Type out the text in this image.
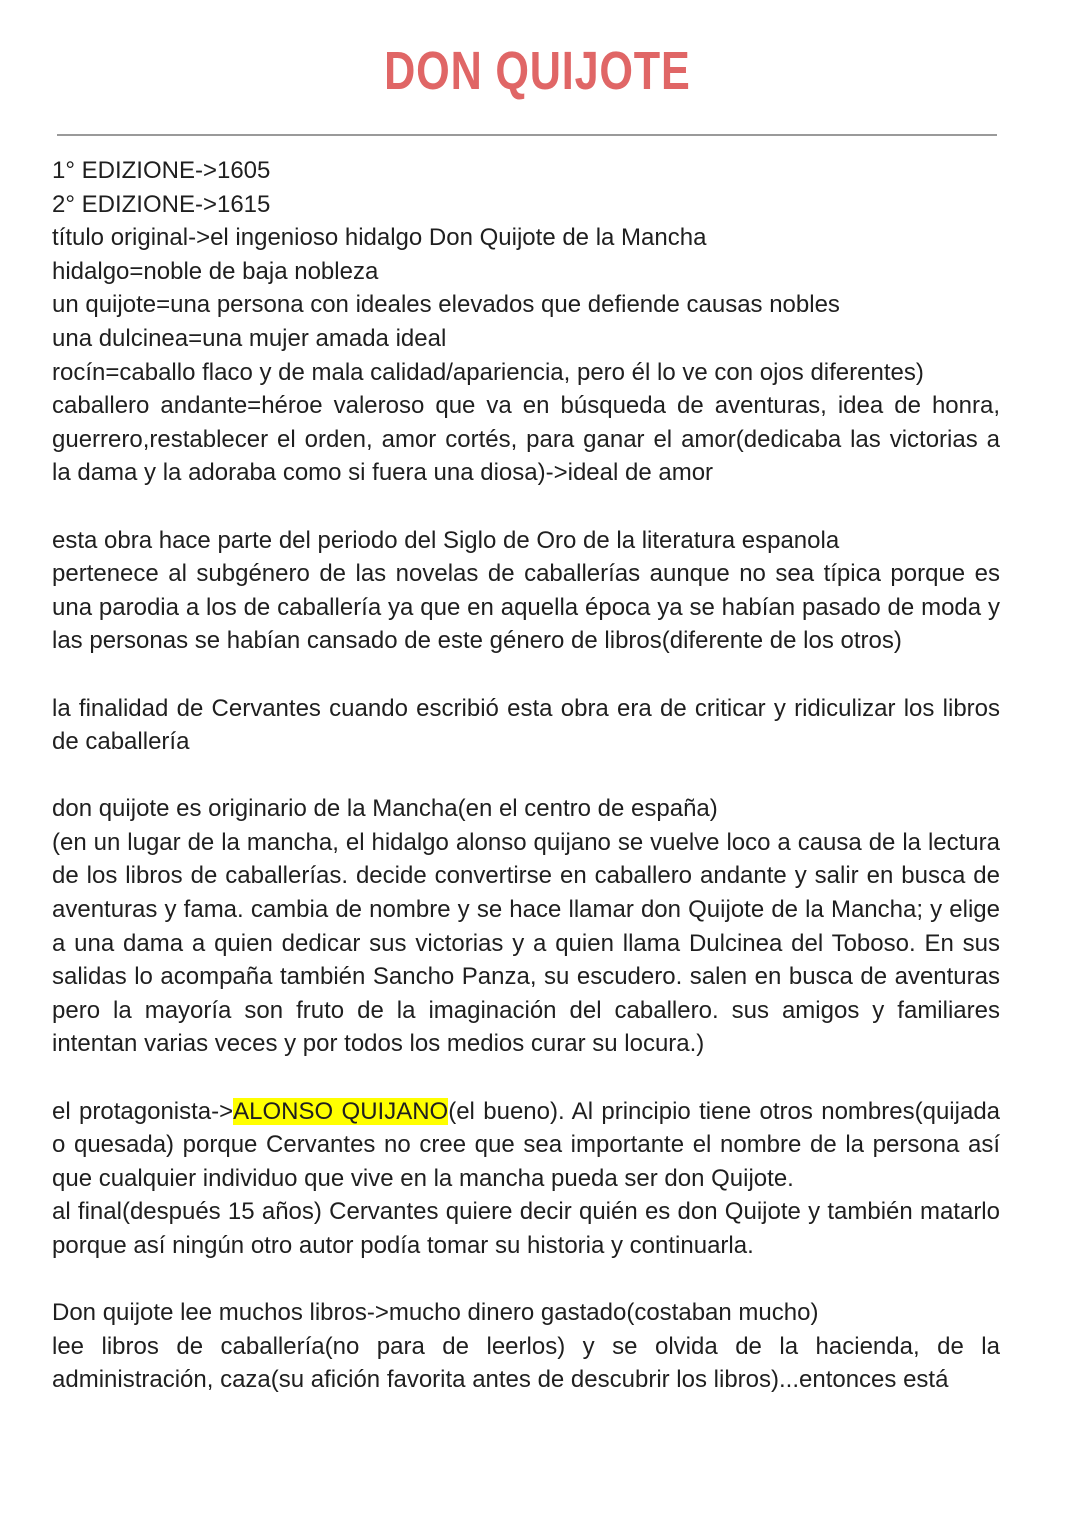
DON QUIJOTE

1° EDIZIONE->1605

2° EDIZIONE->1615

título original->el ingenioso hidalgo Don Quijote de la Mancha

hidalgo=noble de baja nobleza

un quijote=una persona con ideales elevados que defiende causas nobles

una dulcinea=una mujer amada ideal

rocín=caballo flaco y de mala calidad/apariencia, pero él lo ve con ojos diferentes)

caballero andante=héroe valeroso que va en búsqueda de aventuras, idea de honra, guerrero,restablecer el orden, amor cortés, para ganar el amor(dedicaba las victorias a la dama y la adoraba como si fuera una diosa)->ideal de amor

esta obra hace parte del periodo del Siglo de Oro de la literatura espanola

pertenece al subgénero de las novelas de caballerías aunque no sea típica porque es una parodia a los de caballería ya que en aquella época ya se habían pasado de moda y las personas se habían cansado de este género de libros(diferente de los otros)

la finalidad de Cervantes cuando escribió esta obra era de criticar y ridiculizar los libros de caballería

don quijote es originario de la Mancha(en el centro de españa)

(en un lugar de la mancha, el hidalgo alonso quijano se vuelve loco a causa de la lectura de los libros de caballerías. decide convertirse en caballero andante y salir en busca de aventuras y fama. cambia de nombre y se hace llamar don Quijote de la Mancha; y elige a una dama a quien dedicar sus victorias y a quien llama Dulcinea del Toboso. En sus salidas lo acompaña también Sancho Panza, su escudero. salen en busca de aventuras pero la mayoría son fruto de la imaginación del caballero. sus amigos y familiares intentan varias veces y por todos los medios curar su locura.)

el protagonista->ALONSO QUIJANO(el bueno). Al principio tiene otros nombres(quijada o quesada) porque Cervantes no cree que sea importante el nombre de la persona así que cualquier individuo que vive en la mancha pueda ser don Quijote.

al final(después 15 años) Cervantes quiere decir quién es don Quijote y también matarlo porque así ningún otro autor podía tomar su historia y continuarla.

Don quijote lee muchos libros->mucho dinero gastado(costaban mucho)

lee libros de caballería(no para de leerlos) y se olvida de la hacienda, de la administración, caza(su afición favorita antes de descubrir los libros)...entonces está
